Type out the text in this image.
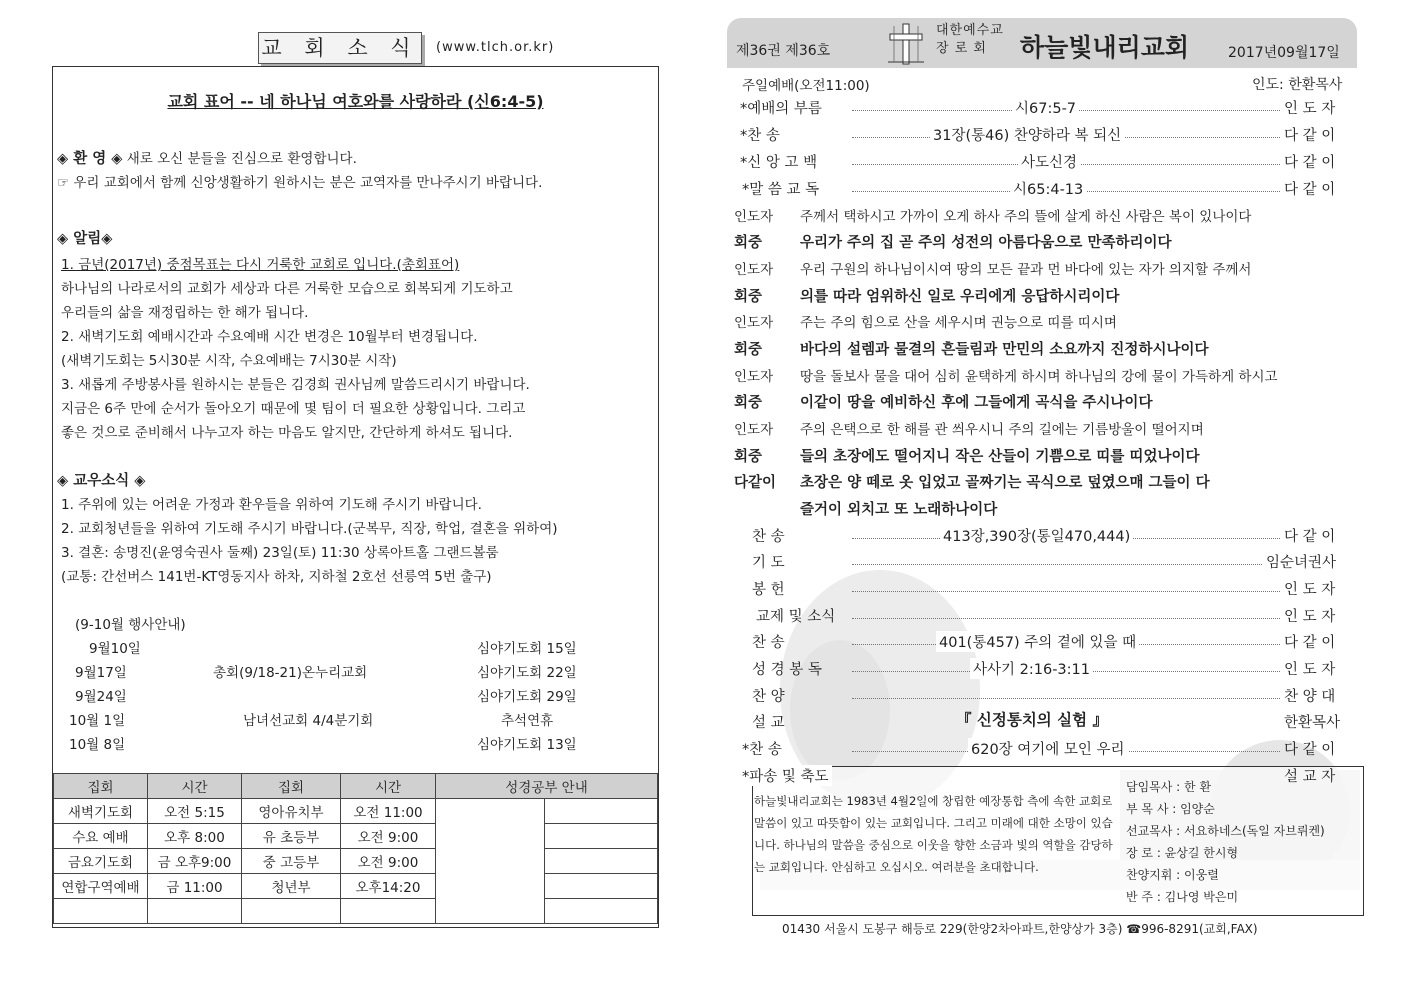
교 회 소 식 (www.tlch.or.kr)
교회 표어 -- 네 하나님 여호와를 사랑하라 (신6:4-5)
◈ 환 영 ◈ 새로 오신 분들을 진심으로 환영합니다.
☞ 우리 교회에서 함께 신앙생활하기 원하시는 분은 교역자를 만나주시기 바랍니다.
◈ 알림◈
1. 금년(2017년) 중점목표는 다시 거룩한 교회로 입니다.(총회표어)
하나님의 나라로서의 교회가 세상과 다른 거룩한 모습으로 회복되게 기도하고
우리들의 삶을 재정립하는 한 해가 됩니다.
2. 새벽기도회 예배시간과 수요예배 시간 변경은 10월부터 변경됩니다.
(새벽기도회는 5시30분 시작, 수요예배는 7시30분 시작)
3. 새롭게 주방봉사를 원하시는 분들은 김경희 권사님께 말씀드리시기 바랍니다.
지금은 6주 만에 순서가 돌아오기 때문에 몇 팀이 더 필요한 상황입니다. 그리고
좋은 것으로 준비해서 나누고자 하는 마음도 알지만, 간단하게 하셔도 됩니다.
◈ 교우소식 ◈
1. 주위에 있는 어려운 가정과 환우들을 위하여 기도해 주시기 바랍니다.
2. 교회청년들을 위하여 기도해 주시기 바랍니다.(군복무, 직장, 학업, 결혼을 위하여)
3. 결혼: 송명진(윤영숙권사 둘째) 23일(토) 11:30 상록아트홀 그랜드볼룸
(교통: 간선버스 141번-KT영동지사 하차, 지하철 2호선 선릉역 5번 출구)
(9-10월 행사안내)
9월10일	심야기도회 15일
9월17일	총회(9/18-21)온누리교회	심야기도회 22일
9월24일	심야기도회 29일
10월 1일	남녀선교회 4/4분기회	추석연휴
10월 8일	심야기도회 13일
집회	시간	집회	시간	성경공부 안내	
새벽기도회	오전 5:15	영아유치부	오전 11:00		
수요 예배	오후 8:00	유 초등부	오전 9:00		
금요기도회	금 오후9:00	중 고등부	오전 9:00		
연합구역예배	금 11:00	청년부	오후14:20		

제36권 제36호
대한예수교
장 로 회	하늘빛내리교회	2017년09월17일
주일예배(오전11:00)	인도: 한환목사
*예배의 부름	시67:5-7	인 도 자
*찬 송	31장(통46) 찬양하라 복 되신	다 같 이
*신 앙 고 백	사도신경	다 같 이
*말 씀 교 독	시65:4-13	다 같 이
인도자 주께서 택하시고 가까이 오게 하사 주의 뜰에 살게 하신 사람은 복이 있나이다
회중	우리가 주의 집 곧 주의 성전의 아름다움으로 만족하리이다
인도자 우리 구원의 하나님이시여 땅의 모든 끝과 먼 바다에 있는 자가 의지할 주께서
회중	의를 따라 엄위하신 일로 우리에게 응답하시리이다
인도자 주는 주의 힘으로 산을 세우시며 권능으로 띠를 띠시며
회중	바다의 설렘과 물결의 흔들림과 만민의 소요까지 진정하시나이다
인도자 땅을 돌보사 물을 대어 심히 윤택하게 하시며 하나님의 강에 물이 가득하게 하시고
회중	이같이 땅을 예비하신 후에 그들에게 곡식을 주시나이다
인도자 주의 은택으로 한 해를 관 씌우시니 주의 길에는 기름방울이 떨어지며
회중	들의 초장에도 떨어지니 작은 산들이 기쁨으로 띠를 띠었나이다
다같이 초장은 양 떼로 옷 입었고 골짜기는 곡식으로 덮였으매 그들이 다
즐거이 외치고 또 노래하나이다
찬 송	413장,390장(통일470,444)	다 같 이
기 도	임순녀권사
봉 헌	인 도 자
교제 및 소식	인 도 자
찬 송	401(통457) 주의 곁에 있을 때	다 같 이
성 경 봉 독	사사기 2:16-3:11	인 도 자
찬 양	찬 양 대
설 교	『 신정통치의 실험 』	한환목사
*찬 송	620장 여기에 모인 우리	다 같 이
*파송 및 축도	설 교 자
하늘빛내리교회는 1983년 4월2일에 창립한 예장통합 측에 속한 교회로 말씀이 있고 따뜻함이 있는 교회입니다. 그리고 미래에 대한 소망이 있습니다. 하나님의 말씀을 중심으로 이웃을 향한 소금과 빛의 역할을 감당하는 교회입니다. 안심하고 오십시오. 여러분을 초대합니다.
담임목사 : 한 환
부 목 사 : 임양순
선교목사 : 서요하네스(독일 자브뤼켄)
장 로 : 윤상길 한시형
찬양지휘 : 이웅렬
반 주 : 김나영 박은미
01430 서울시 도봉구 해등로 229(한양2차아파트,한양상가 3층) ☎996-8291(교회,FAX)
